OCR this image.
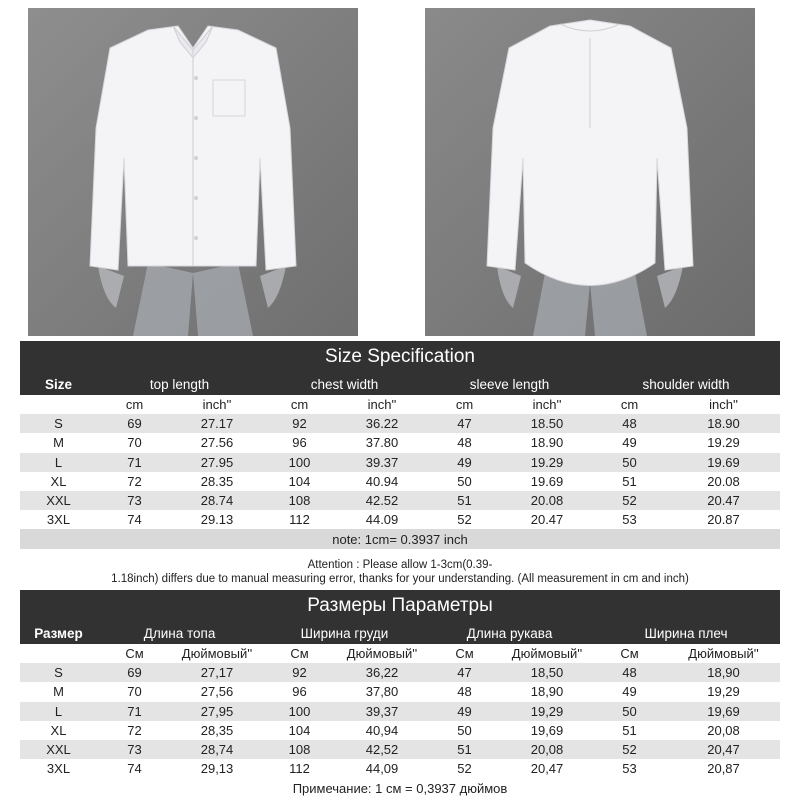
Size Specification
Size	top length		chest width		sleeve length		shoulder width	
	cm	inch''	cm	inch''	cm	inch''	cm	inch''
S	69	27.17	92	36.22	47	18.50	48	18.90
M	70	27.56	96	37.80	48	18.90	49	19.29
L	71	27.95	100	39.37	49	19.29	50	19.69
XL	72	28.35	104	40.94	50	19.69	51	20.08
XXL	73	28.74	108	42.52	51	20.08	52	20.47
3XL	74	29.13	112	44.09	52	20.47	53	20.87
note: 1cm= 0.3937 inch
Attention : Please allow 1-3cm(0.39-
1.18inch) differs due to manual measuring error, thanks for your understanding. (All measurement in cm and inch)
Размеры Параметры
Размер	Длина топа		Ширина груди		Длина рукава		Ширина плеч	
	См	Дюймовый''	См	Дюймовый''	См	Дюймовый''	См	Дюймовый''
S	69	27,17	92	36,22	47	18,50	48	18,90
M	70	27,56	96	37,80	48	18,90	49	19,29
L	71	27,95	100	39,37	49	19,29	50	19,69
XL	72	28,35	104	40,94	50	19,69	51	20,08
XXL	73	28,74	108	42,52	51	20,08	52	20,47
3XL	74	29,13	112	44,09	52	20,47	53	20,87
Примечание: 1 см = 0,3937 дюймов
